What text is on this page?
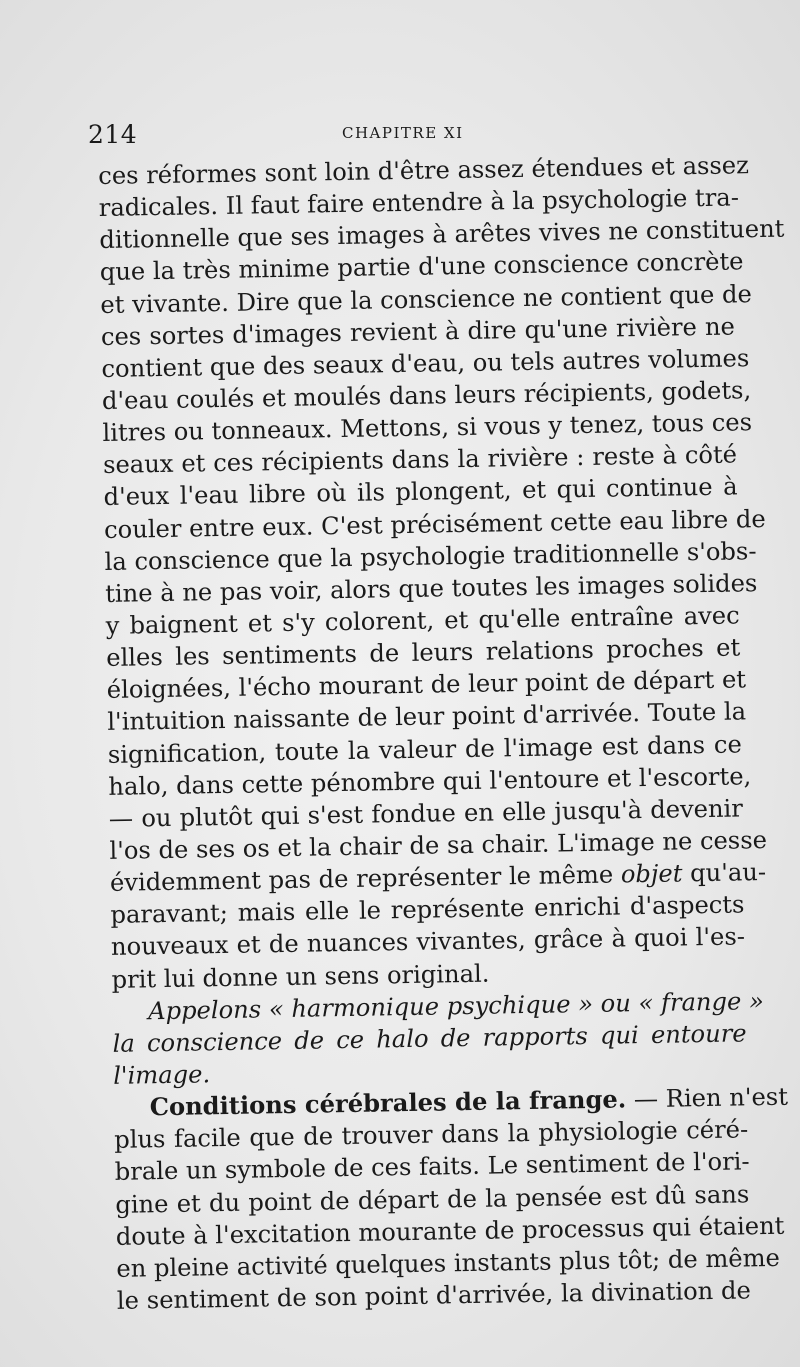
214	CHAPITRE XI
ces réformes sont loin d'être assez étendues et assez
radicales. Il faut faire entendre à la psychologie tra-
ditionnelle que ses images à arêtes vives ne constituent
que la très minime partie d'une conscience concrète
et vivante. Dire que la conscience ne contient que de
ces sortes d'images revient à dire qu'une rivière ne
contient que des seaux d'eau, ou tels autres volumes
d'eau coulés et moulés dans leurs récipients, godets,
litres ou tonneaux. Mettons, si vous y tenez, tous ces
seaux et ces récipients dans la rivière : reste à côté
d'eux l'eau libre où ils plongent, et qui continue à
couler entre eux. C'est précisément cette eau libre de
la conscience que la psychologie traditionnelle s'obs-
tine à ne pas voir, alors que toutes les images solides
y baignent et s'y colorent, et qu'elle entraîne avec
elles les sentiments de leurs relations proches et
éloignées, l'écho mourant de leur point de départ et
l'intuition naissante de leur point d'arrivée. Toute la
signification, toute la valeur de l'image est dans ce
halo, dans cette pénombre qui l'entoure et l'escorte,
— ou plutôt qui s'est fondue en elle jusqu'à devenir
l'os de ses os et la chair de sa chair. L'image ne cesse
évidemment pas de représenter le même objet qu'au-
paravant; mais elle le représente enrichi d'aspects
nouveaux et de nuances vivantes, grâce à quoi l'es-
prit lui donne un sens original.
Appelons « harmonique psychique » ou « frange »
la conscience de ce halo de rapports qui entoure
l'image.
Conditions cérébrales de la frange. — Rien n'est
plus facile que de trouver dans la physiologie céré-
brale un symbole de ces faits. Le sentiment de l'ori-
gine et du point de départ de la pensée est dû sans
doute à l'excitation mourante de processus qui étaient
en pleine activité quelques instants plus tôt; de même
le sentiment de son point d'arrivée, la divination de
